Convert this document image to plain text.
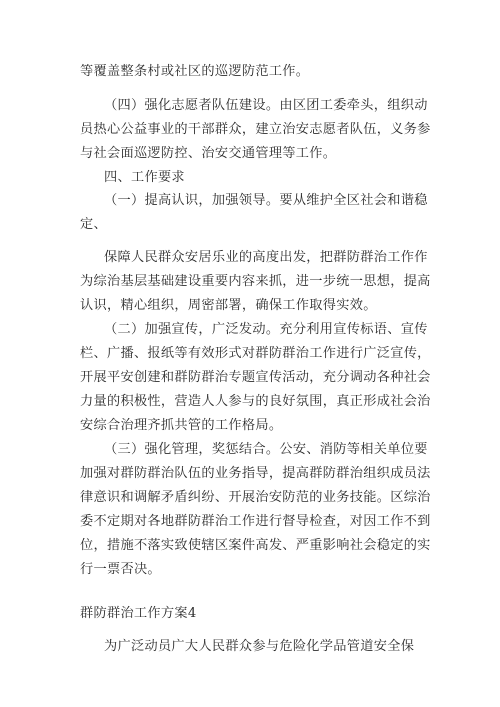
等覆盖整条村或社区的巡逻防范工作。
（四）强化志愿者队伍建设。由区团工委牵头，组织动
员热心公益事业的干部群众，建立治安志愿者队伍，义务参
与社会面巡逻防控、治安交通管理等工作。
四、工作要求
（一）提高认识，加强领导。要从维护全区社会和谐稳
定、
保障人民群众安居乐业的高度出发，把群防群治工作作
为综治基层基础建设重要内容来抓，进一步统一思想，提高
认识，精心组织，周密部署，确保工作取得实效。
（二）加强宣传，广泛发动。充分利用宣传标语、宣传
栏、广播、报纸等有效形式对群防群治工作进行广泛宣传，
开展平安创建和群防群治专题宣传活动，充分调动各种社会
力量的积极性，营造人人参与的良好氛围，真正形成社会治
安综合治理齐抓共管的工作格局。
（三）强化管理，奖惩结合。公安、消防等相关单位要
加强对群防群治队伍的业务指导，提高群防群治组织成员法
律意识和调解矛盾纠纷、开展治安防范的业务技能。区综治
委不定期对各地群防群治工作进行督导检查，对因工作不到
位，措施不落实致使辖区案件高发、严重影响社会稳定的实
行一票否决。
群防群治工作方案4
为广泛动员广大人民群众参与危险化学品管道安全保
